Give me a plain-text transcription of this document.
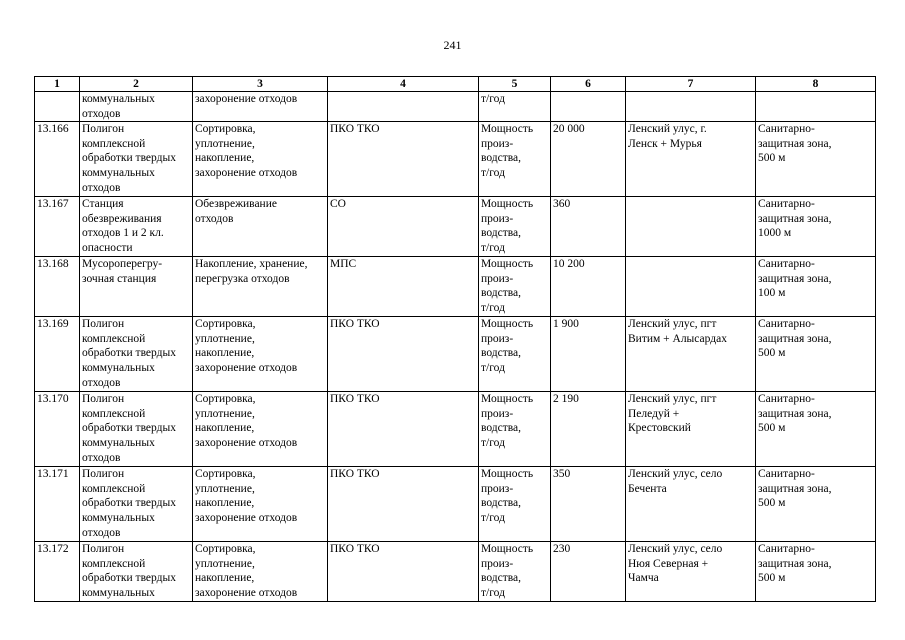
241
1	2	3	4	5	6	7	8

	коммунальных
отходов	захоронение отходов		т/год			

13.166	Полигон
комплексной
обработки твердых
коммунальных
отходов	Сортировка,
уплотнение,
накопление,
захоронение отходов	ПКО ТКО	Мощность
произ-
водства,
т/год	20 000	Ленский улус, г.
Ленск + Мурья	Санитарно-
защитная зона,
500 м

13.167	Станция
обезвреживания
отходов 1 и 2 кл.
опасности	Обезвреживание
отходов	СО	Мощность
произ-
водства,
т/год	360		Санитарно-
защитная зона,
1000 м

13.168	Мусороперегру-
зочная станция	Накопление, хранение,
перегрузка отходов	МПС	Мощность
произ-
водства,
т/год	10 200		Санитарно-
защитная зона,
100 м

13.169	Полигон
комплексной
обработки твердых
коммунальных
отходов	Сортировка,
уплотнение,
накопление,
захоронение отходов	ПКО ТКО	Мощность
произ-
водства,
т/год	1 900	Ленский улус, пгт
Витим + Алысардах	Санитарно-
защитная зона,
500 м

13.170	Полигон
комплексной
обработки твердых
коммунальных
отходов	Сортировка,
уплотнение,
накопление,
захоронение отходов	ПКО ТКО	Мощность
произ-
водства,
т/год	2 190	Ленский улус, пгт
Пеледуй +
Крестовский	Санитарно-
защитная зона,
500 м

13.171	Полигон
комплексной
обработки твердых
коммунальных
отходов	Сортировка,
уплотнение,
накопление,
захоронение отходов	ПКО ТКО	Мощность
произ-
водства,
т/год	350	Ленский улус, село
Бечента	Санитарно-
защитная зона,
500 м

13.172	Полигон
комплексной
обработки твердых
коммунальных	Сортировка,
уплотнение,
накопление,
захоронение отходов	ПКО ТКО	Мощность
произ-
водства,
т/год	230	Ленский улус, село
Нюя Северная +
Чамча	Санитарно-
защитная зона,
500 м
